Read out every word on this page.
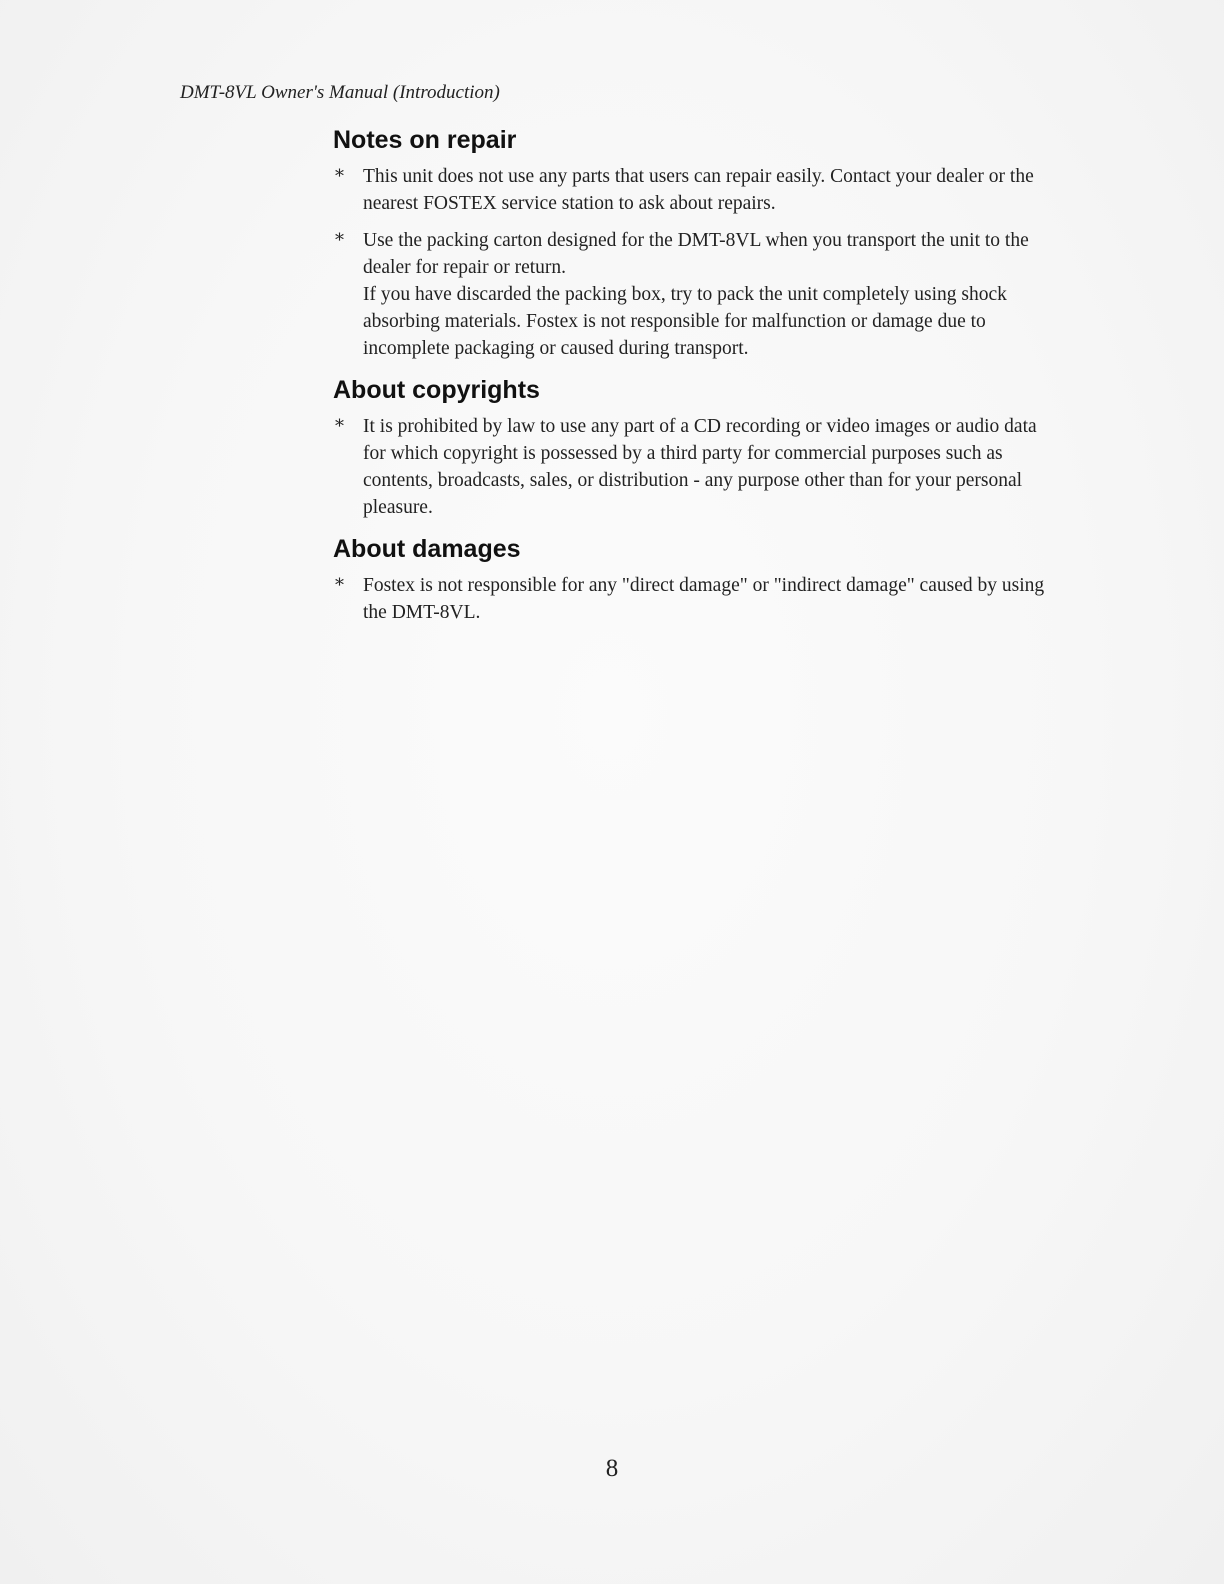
DMT-8VL Owner's Manual (Introduction)
Notes on repair
* This unit does not use any parts that users can repair easily. Contact your dealer or the nearest FOSTEX service station to ask about repairs.

* Use the packing carton designed for the DMT-8VL when you transport the unit to the dealer for repair or return.

If you have discarded the packing box, try to pack the unit completely using shock absorbing materials. Fostex is not responsible for malfunction or damage due to incomplete packaging or caused during transport.

About copyrights
* It is prohibited by law to use any part of a CD recording or video images or audio data for which copyright is possessed by a third party for commercial purposes such as contents, broadcasts, sales, or distribution - any purpose other than for your personal pleasure.

About damages
* Fostex is not responsible for any "direct damage" or "indirect damage" caused by using the DMT-8VL.

8
